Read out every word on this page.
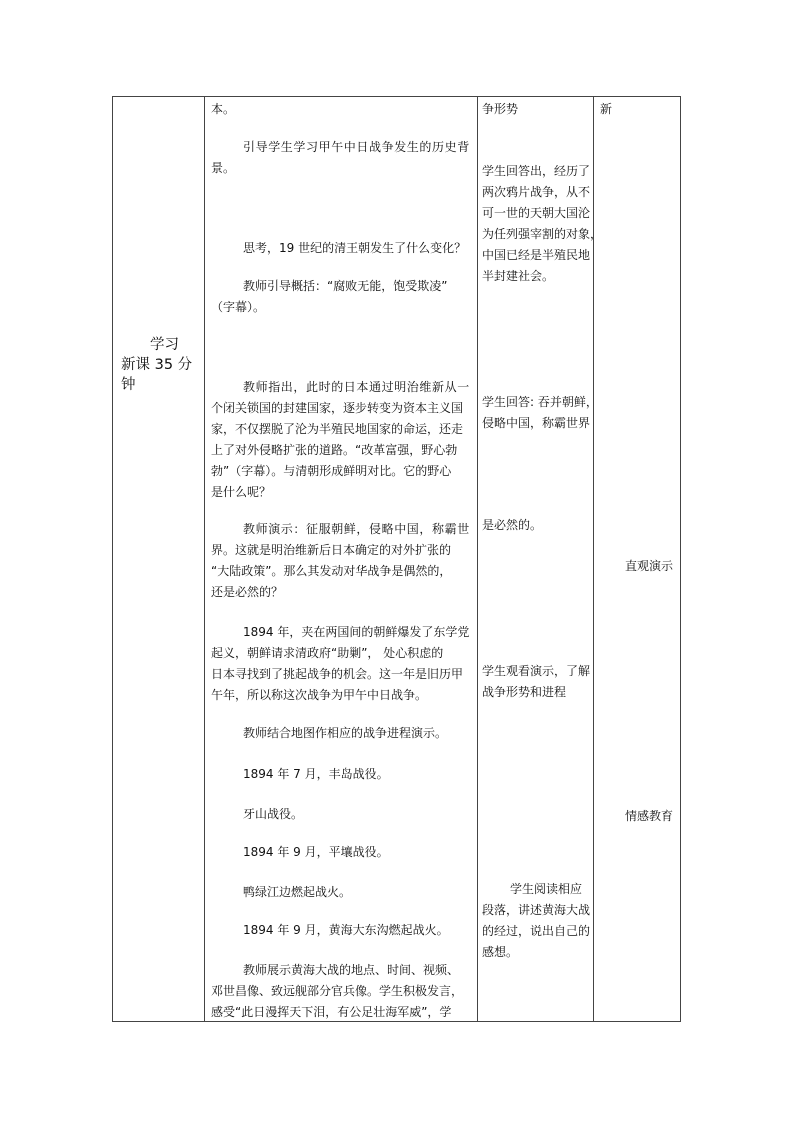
学习
新课 35 分
钟
本。
引导学生学习甲午中日战争发生的历史背
景。
思考，19 世纪的清王朝发生了什么变化？
教师引导概括：“腐败无能，饱受欺凌”
（字幕）。
教师指出，此时的日本通过明治维新从一
个闭关锁国的封建国家，逐步转变为资本主义国
家，不仅摆脱了沦为半殖民地国家的命运，还走
上了对外侵略扩张的道路。“改革富强，野心勃
勃”（字幕）。与清朝形成鲜明对比。它的野心
是什么呢？
教师演示：征服朝鲜，侵略中国，称霸世
界。这就是明治维新后日本确定的对外扩张的
“大陆政策”。那么其发动对华战争是偶然的，
还是必然的？
1894 年，夹在两国间的朝鲜爆发了东学党
起义，朝鲜请求清政府“助剿”， 处心积虑的
日本寻找到了挑起战争的机会。这一年是旧历甲
午年，所以称这次战争为甲午中日战争。
教师结合地图作相应的战争进程演示。
1894 年 7 月，丰岛战役。
牙山战役。
1894 年 9 月，平壤战役。
鸭绿江边燃起战火。
1894 年 9 月，黄海大东沟燃起战火。
教师展示黄海大战的地点、时间、视频、
邓世昌像、致远舰部分官兵像。学生积极发言，
感受“此日漫挥天下泪，有公足壮海军威”，学
争形势
学生回答出，经历了
两次鸦片战争，从不
可一世的天朝大国沦
为任列强宰割的对象，
中国已经是半殖民地
半封建社会。
学生回答: 吞并朝鲜，
侵略中国，称霸世界
是必然的。
学生观看演示，了解
战争形势和进程
学生阅读相应
段落，讲述黄海大战
的经过，说出自己的
感想。
新
直观演示
情感教育
